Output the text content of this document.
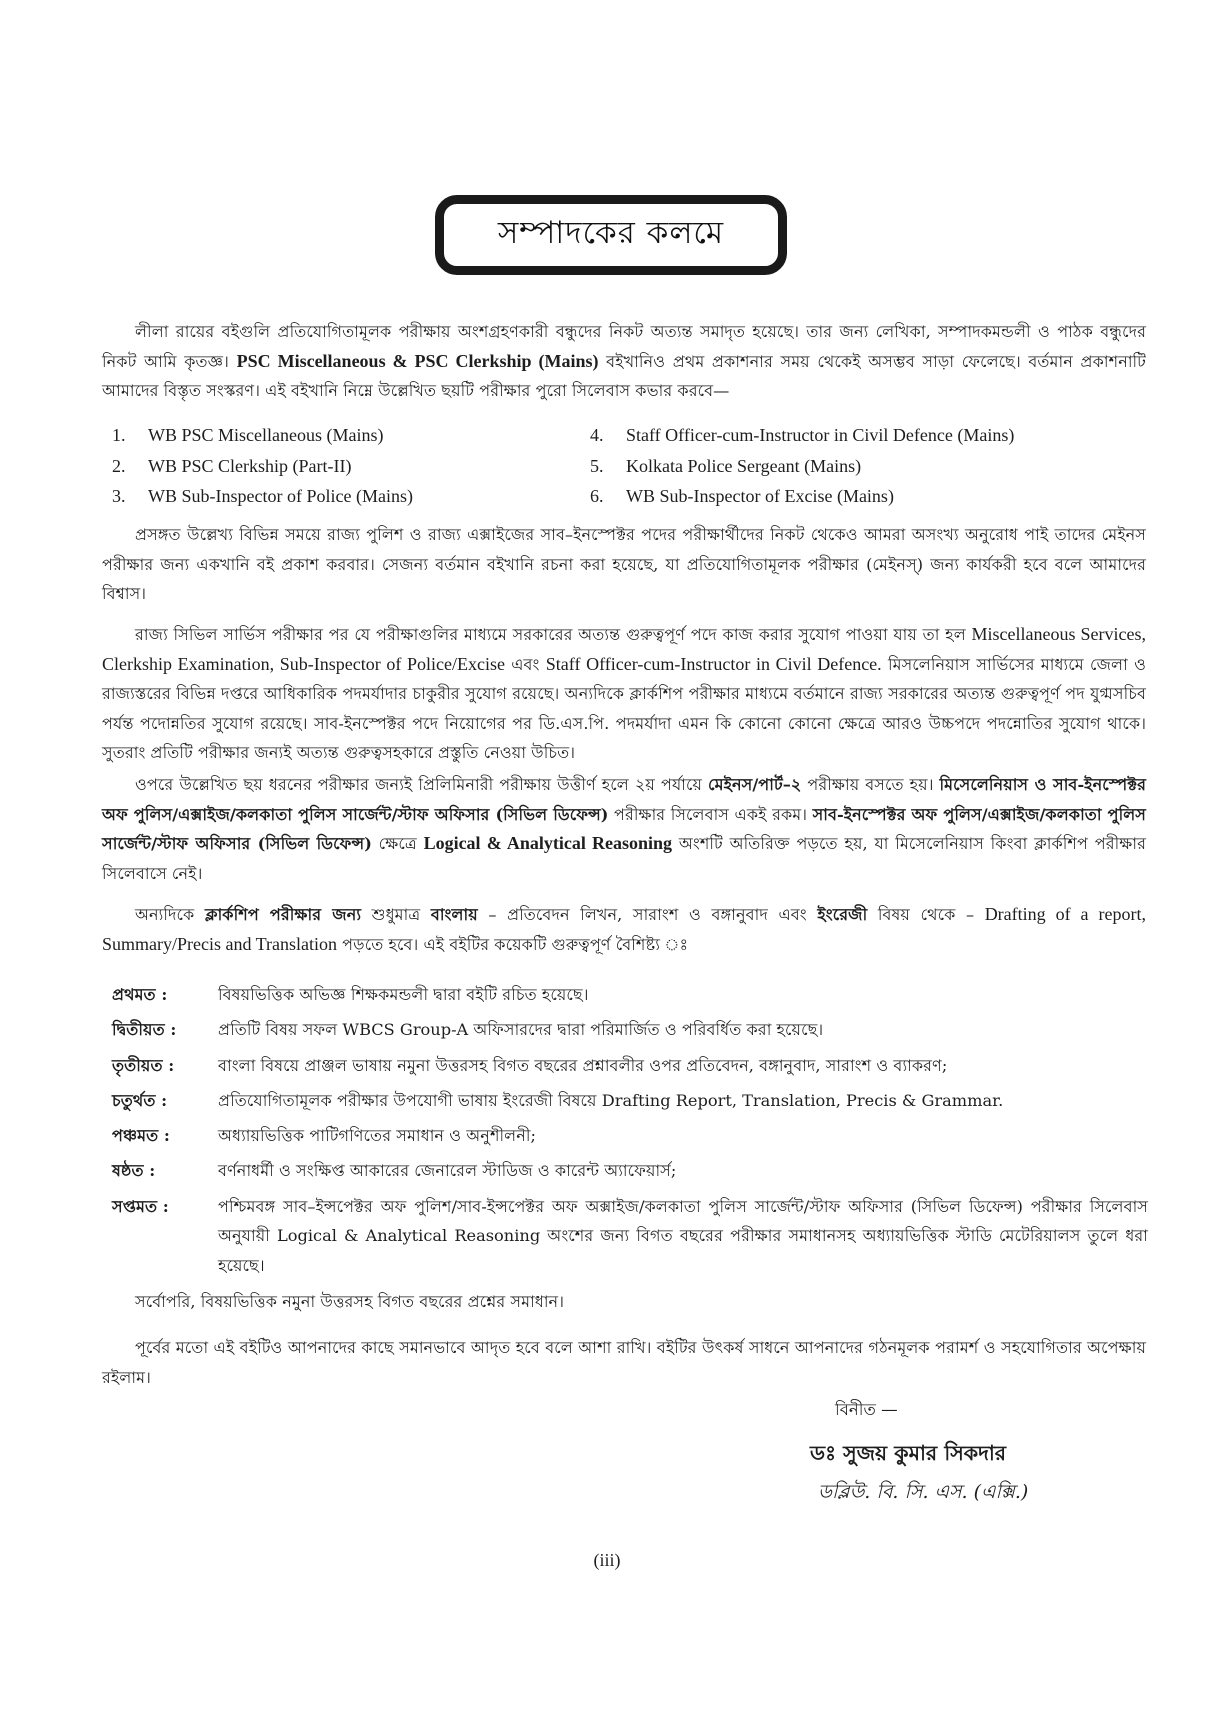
সম্পাদকের কলমে
লীলা রায়ের বইগুলি প্রতিযোগিতামূলক পরীক্ষায় অংশগ্রহণকারী বন্ধুদের নিকট অত্যন্ত সমাদৃত হয়েছে। তার জন্য লেখিকা, সম্পাদকমন্ডলী ও পাঠক বন্ধুদের নিকট আমি কৃতজ্ঞ। PSC Miscellaneous & PSC Clerkship (Mains) বইখানিও প্রথম প্রকাশনার সময় থেকেই অসম্ভব সাড়া ফেলেছে। বর্তমান প্রকাশনাটি আমাদের বিস্তৃত সংস্করণ। এই বইখানি নিম্নে উল্লেখিত ছয়টি পরীক্ষার পুরো সিলেবাস কভার করবে—
1. WB PSC Miscellaneous (Mains)
2. WB PSC Clerkship (Part-II)
3. WB Sub-Inspector of Police (Mains)
4. Staff Officer-cum-Instructor in Civil Defence (Mains)
5. Kolkata Police Sergeant (Mains)
6. WB Sub-Inspector of Excise (Mains)
প্রসঙ্গত উল্লেখ্য বিভিন্ন সময়ে রাজ্য পুলিশ ও রাজ্য এক্সাইজের সাব–ইনস্পেক্টর পদের পরীক্ষার্থীদের নিকট থেকেও আমরা অসংখ্য অনুরোধ পাই তাদের মেইনস পরীক্ষার জন্য একখানি বই প্রকাশ করবার। সেজন্য বর্তমান বইখানি রচনা করা হয়েছে, যা প্রতিযোগিতামূলক পরীক্ষার (মেইনস্) জন্য কার্যকরী হবে বলে আমাদের বিশ্বাস।
রাজ্য সিভিল সার্ভিস পরীক্ষার পর যে পরীক্ষাগুলির মাধ্যমে সরকারের অত্যন্ত গুরুত্বপূর্ণ পদে কাজ করার সুযোগ পাওয়া যায় তা হল Miscellaneous Services, Clerkship Examination, Sub-Inspector of Police/Excise এবং Staff Officer-cum-Instructor in Civil Defence. মিসলেনিয়াস সার্ভিসের মাধ্যমে জেলা ও রাজ্যস্তরের বিভিন্ন দপ্তরে আধিকারিক পদমর্যাদার চাকুরীর সুযোগ রয়েছে। অন্যদিকে ক্লার্কশিপ পরীক্ষার মাধ্যমে বর্তমানে রাজ্য সরকারের অত্যন্ত গুরুত্বপূর্ণ পদ যুগ্মসচিব পর্যন্ত পদোন্নতির সুযোগ রয়েছে। সাব-ইনস্পেক্টর পদে নিয়োগের পর ডি.এস.পি. পদমর্যাদা এমন কি কোনো কোনো ক্ষেত্রে আরও উচ্চপদে পদন্নোতির সুযোগ থাকে। সুতরাং প্রতিটি পরীক্ষার জন্যই অত্যন্ত গুরুত্বসহকারে প্রস্তুতি নেওয়া উচিত।
ওপরে উল্লেখিত ছয় ধরনের পরীক্ষার জন্যই প্রিলিমিনারী পরীক্ষায় উত্তীর্ণ হলে ২য় পর্যায়ে মেইনস/পার্ট–২ পরীক্ষায় বসতে হয়। মিসেলেনিয়াস ও সাব-ইনস্পেক্টর অফ পুলিস/এক্সাইজ/কলকাতা পুলিস সার্জেন্ট/স্টাফ অফিসার (সিভিল ডিফেন্স) পরীক্ষার সিলেবাস একই রকম। সাব-ইনস্পেক্টর অফ পুলিস/এক্সাইজ/কলকাতা পুলিস সার্জেন্ট/স্টাফ অফিসার (সিভিল ডিফেন্স) ক্ষেত্রে Logical & Analytical Reasoning অংশটি অতিরিক্ত পড়তে হয়, যা মিসেলেনিয়াস কিংবা ক্লার্কশিপ পরীক্ষার সিলেবাসে নেই।
অন্যদিকে ক্লার্কশিপ পরীক্ষার জন্য শুধুমাত্র বাংলায় – প্রতিবেদন লিখন, সারাংশ ও বঙ্গানুবাদ এবং ইংরেজী বিষয় থেকে – Drafting of a report, Summary/Precis and Translation পড়তে হবে। এই বইটির কয়েকটি গুরুত্বপূর্ণ বৈশিষ্ট্য ঃ
প্রথমত :	বিষয়ভিত্তিক অভিজ্ঞ শিক্ষকমন্ডলী দ্বারা বইটি রচিত হয়েছে।
দ্বিতীয়ত :	প্রতিটি বিষয় সফল WBCS Group-A অফিসারদের দ্বারা পরিমার্জিত ও পরিবর্ধিত করা হয়েছে।
তৃতীয়ত :	বাংলা বিষয়ে প্রাঞ্জল ভাষায় নমুনা উত্তরসহ বিগত বছরের প্রশ্নাবলীর ওপর প্রতিবেদন, বঙ্গানুবাদ, সারাংশ ও ব্যাকরণ;
চতুর্থত :	প্রতিযোগিতামূলক পরীক্ষার উপযোগী ভাষায় ইংরেজী বিষয়ে Drafting Report, Translation, Precis & Grammar.
পঞ্চমত :	অধ্যায়ভিত্তিক পাটিগণিতের সমাধান ও অনুশীলনী;
ষষ্ঠত :	বর্ণনাধর্মী ও সংক্ষিপ্ত আকারের জেনারেল স্টাডিজ ও কারেন্ট অ্যাফেয়ার্স;
সপ্তমত :	পশ্চিমবঙ্গ সাব–ইন্সপেক্টর অফ পুলিশ/সাব-ইন্সপেক্টর অফ অক্সাইজ/কলকাতা পুলিস সার্জেন্ট/স্টাফ অফিসার (সিভিল ডিফেন্স) পরীক্ষার সিলেবাস অনুযায়ী Logical & Analytical Reasoning অংশের জন্য বিগত বছরের পরীক্ষার সমাধানসহ অধ্যায়ভিত্তিক স্টাডি মেটেরিয়ালস তুলে ধরা হয়েছে।
সর্বোপরি, বিষয়ভিত্তিক নমুনা উত্তরসহ বিগত বছরের প্রশ্নের সমাধান।
পূর্বের মতো এই বইটিও আপনাদের কাছে সমানভাবে আদৃত হবে বলে আশা রাখি। বইটির উৎকর্ষ সাধনে আপনাদের গঠনমূলক পরামর্শ ও সহযোগিতার অপেক্ষায় রইলাম।
বিনীত —
ডঃ সুজয় কুমার সিকদার
ডব্লিউ. বি. সি. এস. (এক্সি.)
(iii)
